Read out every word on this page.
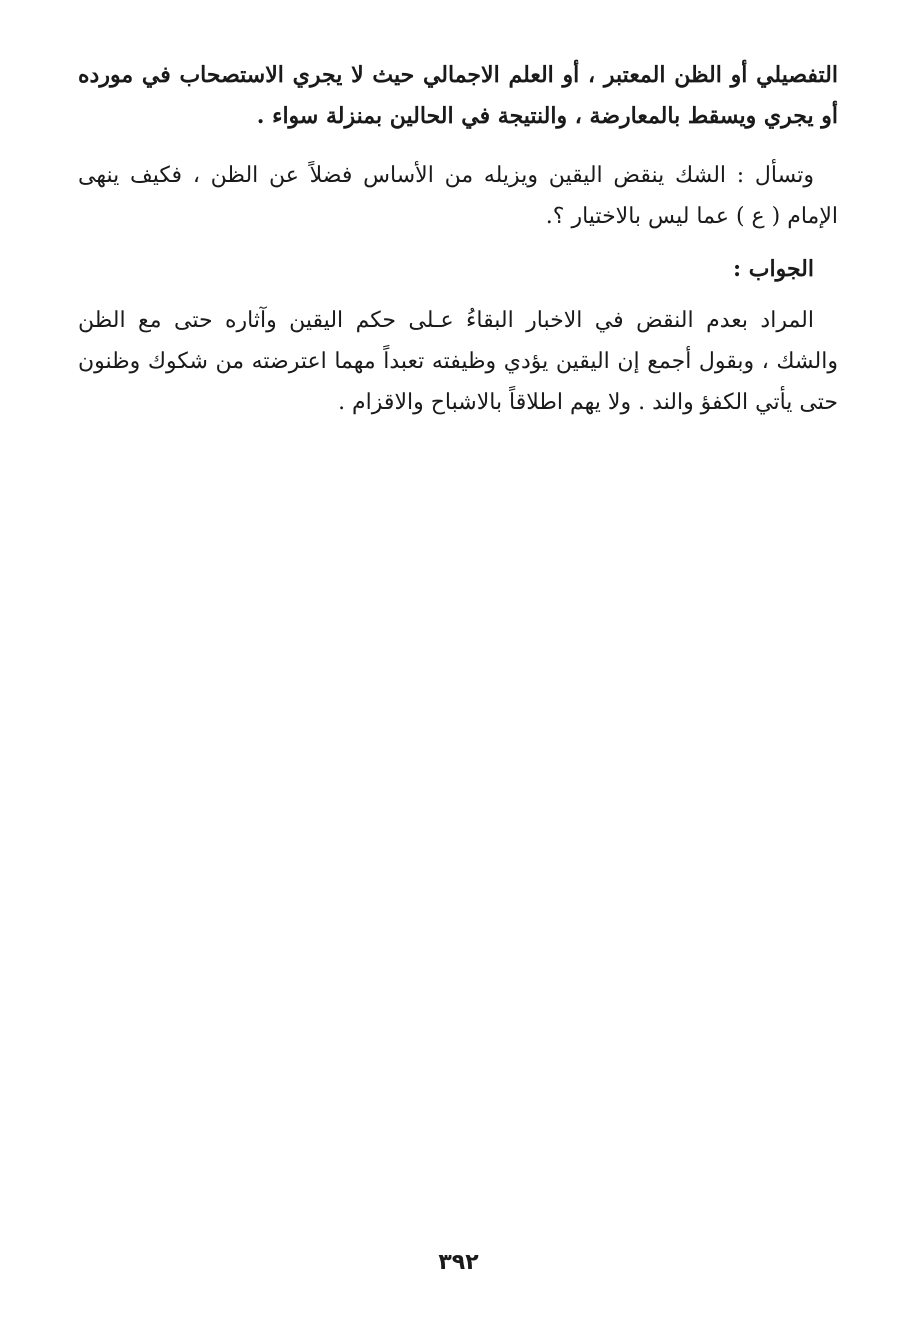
التفصيلي أو الظن المعتبر ، أو العلم الاجمالي حيث لا يجري الاستصحاب في مورده أو يجري ويسقط بالمعارضة ، والنتيجة في الحالين بمنزلة سواء .

وتسأل : الشك ينقض اليقين ويزيله من الأساس فضلاً عن الظن ، فكيف ينهى الإمام ( ع ) عما ليس بالاختيار ؟.

الجواب :

المراد بعدم النقض في الاخبار البقاءُ عـلى حكم اليقين وآثاره حتى مع الظن والشك ، وبقول أجمع إن اليقين يؤدي وظيفته تعبداً مهما اعترضته من شكوك وظنون حتى يأتي الكفؤ والند . ولا يهم اطلاقاً بالاشباح والاقزام .

٣٩٢
